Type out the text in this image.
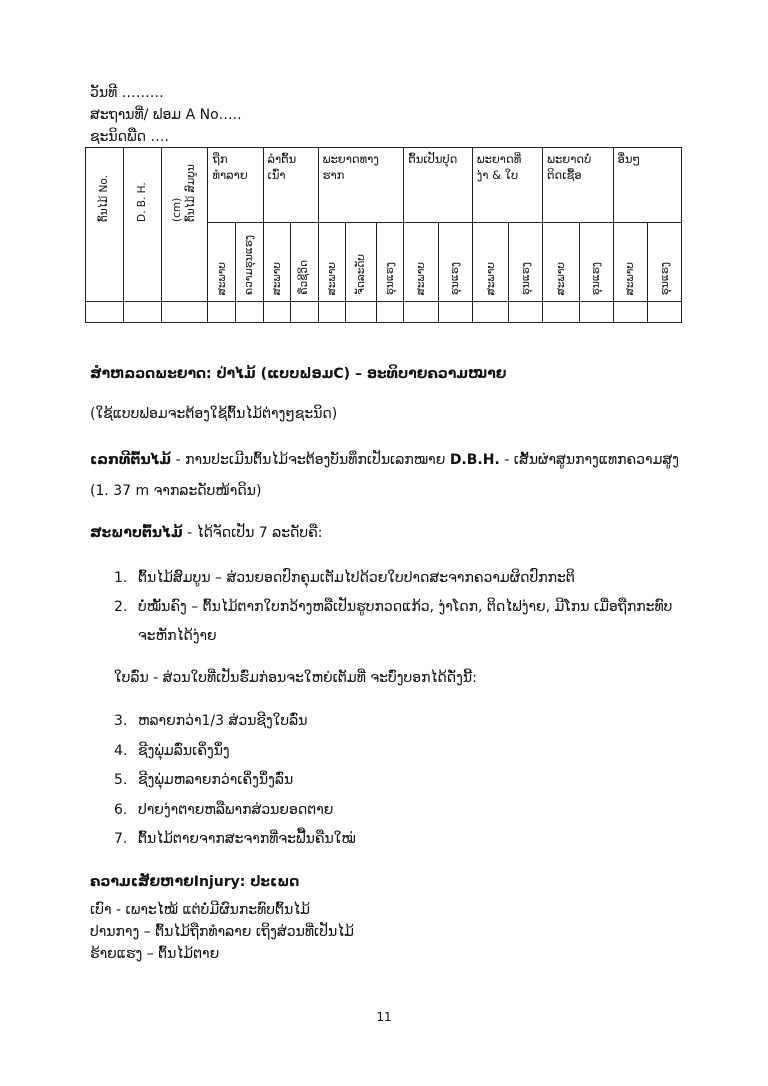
ວັນທີ ………
ສະຖານທີ່/ ຟອມ A No…..
ຊະນິດພືດ ….
ຕົ້ນໄມ້ No.	D. B. H.	(cm) ຕົ້ນໄມ້ ສົມບູນ	ຖືກ ທຳລາຍ		ລຳຕົ້ນເນົ່າ		ພະຍາດທາງຮາກ			ຕົ້ນເປັນປຸດ		ພະຍາດທີ່ ງ່າ & ໃບ		ພະຍາດບໍ່ ຕິດເຊື້ອ		ອື່ນໆ	

			ສະພາບ	ຄວາມຮຸນແຮງ	ສະພາບ	ຄືວຊີວິດ	ສະພາບ	ຈັດລະດັບ	ຮຸນແຮງ	ສະພາບ	ຮຸນແຮງ	ສະພາບ	ຮຸນແຮງ	ສະພາບ	ຮຸນແຮງ	ສະພາບ	ຮຸນແຮງ

ສໍາຫລວດພະຍາດ: ປ່າໄມ້ (ແບບຟອມC) – ອະທິບາຍຄວາມໝາຍ
(ໃຊ້ແບບຟອມຈະຕ້ອງໃຊ້ຕົ້ນໄມ້ຕ່າງໆຊະນິດ)
ເລກທີຕົ້ນໄມ້ - ການປະເມີນຕົ້ນໄມ້ຈະຕ້ອງບັນທຶກເປັນເລກໝາຍ D.B.H. - ເສັ້ນຜ່າສູນກາງແທກຄວາມສູງ
(1. 37 m ຈາກລະດັບໜ້າດິນ)
ສະພາບຕົ້ນໄມ້ - ໄດ້ຈັດເປັນ 7 ລະດັບຄື:
1. ຕົ້ນໄມ້ສົມບູນ – ສ່ວນຍອດປົກຄຸມເຕັມໄປດ້ວຍໃບປາດສະຈາກຄວາມຜິດປົກກະຕິ
2. ບໍ່ໝັ້ນຄົງ – ຕົ້ນໄມ້ຕາກໃບກວ້າງຫລືເປັນຮູບກວດແກ້ວ, ງ່າໂດກ, ຕິດໄຟງ່າຍ, ມີໂກນ ເມື່ອຖືກກະທົບ
ຈະຫັກໄດ້ງ່າຍ
ໃບລົ່ນ - ສ່ວນໃບທີ່ເປັນຮົ່ມກ່ອນຈະໃຫຍ່ເຕັມທີ່ ຈະບົ່ງບອກໄດ້ດັ່ງນີ້:
3. ຫລາຍກວ່າ1/3 ສ່ວນຊີງໃບລົ່ນ
4. ຊີງພຸ່ມລົ່ນເຄິ່ງນຶ່ງ
5. ຊີງພຸ່ມຫລາຍກວ່າເຄິ່ງນຶ່ງລົ່ນ
6. ປາຍງ່າຕາຍຫລືພາກສ່ວນຍອດຕາຍ
7. ຕົ້ນໄມ້ຕາຍຈາກສະຈາກທີ່ຈະຟື້ນຄືນໃໝ່
ຄວາມເສັຍຫາຍInjury: ປະເພດ
ເບົາ - ເພາະໄໝ້ ແຕ່ບໍ່ມີຜົນກະທົບຕົ້ນໄມ້
ປານກາງ – ຕົ້ນໄມ້ຖືກທໍາລາຍ ເຖິງສ່ວນທີ່ເປັນໄມ້
ຮ້າຍແຮງ – ຕົ້ນໄມ້ຕາຍ
11
